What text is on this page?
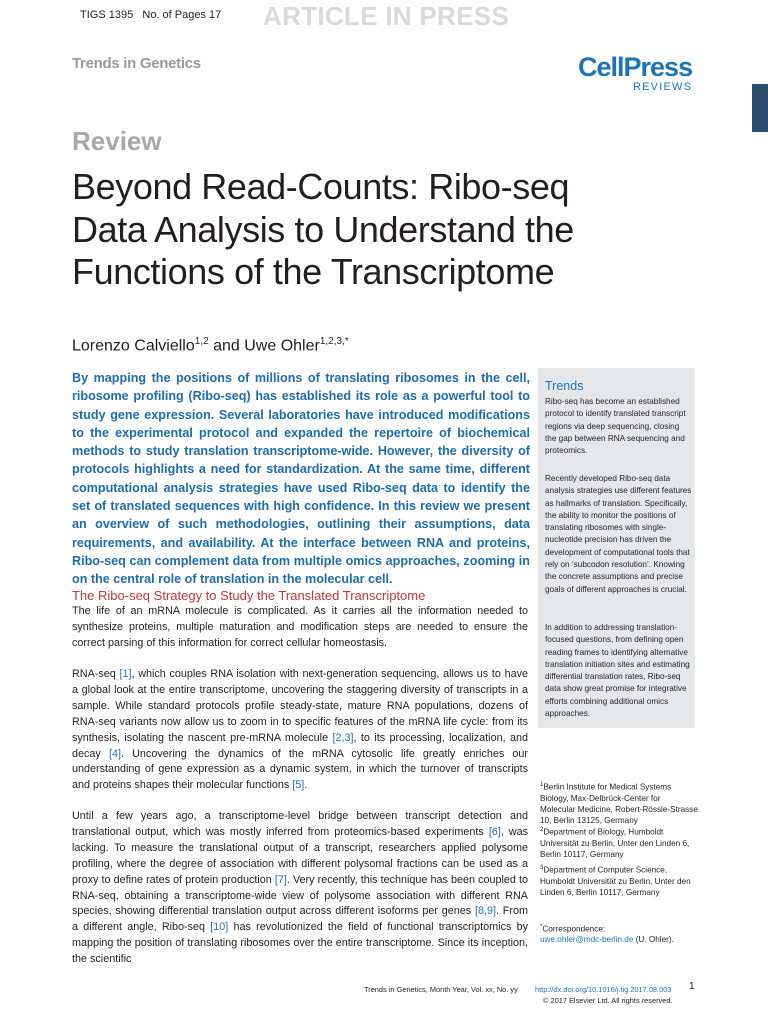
TIGS 1395 No. of Pages 17 ARTICLE IN PRESS
Trends in Genetics	CellPress
REVIEWS
Review
Beyond Read-Counts: Ribo-seq Data Analysis to Understand the Functions of the Transcriptome
Lorenzo Calviello$^{1,2}$ and Uwe Ohler$^{1,2,3,*}$
By mapping the positions of millions of translating ribosomes in the cell, ribosome profiling (Ribo-seq) has established its role as a powerful tool to study gene expression. Several laboratories have introduced modifications to the experimental protocol and expanded the repertoire of biochemical methods to study translation transcriptome-wide. However, the diversity of protocols highlights a need for standardization. At the same time, different computational analysis strategies have used Ribo-seq data to identify the set of translated sequences with high confidence. In this review we present an overview of such methodologies, outlining their assumptions, data requirements, and availability. At the interface between RNA and proteins, Ribo-seq can complement data from multiple omics approaches, zooming in on the central role of translation in the molecular cell.
The Ribo-seq Strategy to Study the Translated Transcriptome
The life of an mRNA molecule is complicated. As it carries all the information needed to synthesize proteins, multiple maturation and modification steps are needed to ensure the correct parsing of this information for correct cellular homeostasis.
RNA-seq [1], which couples RNA isolation with next-generation sequencing, allows us to have a global look at the entire transcriptome, uncovering the staggering diversity of transcripts in a sample. While standard protocols profile steady-state, mature RNA populations, dozens of RNA-seq variants now allow us to zoom in to specific features of the mRNA life cycle: from its synthesis, isolating the nascent pre-mRNA molecule [2,3], to its processing, localization, and decay [4]. Uncovering the dynamics of the mRNA cytosolic life greatly enriches our understanding of gene expression as a dynamic system, in which the turnover of transcripts and proteins shapes their molecular functions [5].
Until a few years ago, a transcriptome-level bridge between transcript detection and translational output, which was mostly inferred from proteomics-based experiments [6], was lacking. To measure the translational output of a transcript, researchers applied polysome profiling, where the degree of association with different polysomal fractions can be used as a proxy to define rates of protein production [7]. Very recently, this technique has been coupled to RNA-seq, obtaining a transcriptome-wide view of polysome association with different RNA species, showing differential translation output across different isoforms per genes [8,9]. From a different angle, Ribo-seq [10] has revolutionized the field of functional transcriptomics by mapping the position of translating ribosomes over the entire transcriptome. Since its inception, the scientific
Trends
Ribo-seq has become an established protocol to identify translated transcript regions via deep sequencing, closing the gap between RNA sequencing and proteomics.
Recently developed Ribo-seq data analysis strategies use different features as hallmarks of translation. Specifically, the ability to monitor the positions of translating ribosomes with single-nucleotide precision has driven the development of computational tools that rely on ‘subcodon resolution’. Knowing the concrete assumptions and precise goals of different approaches is crucial.
In addition to addressing translation-focused questions, from defining open reading frames to identifying alternative translation initiation sites and estimating differential translation rates, Ribo-seq data show great promise for integrative efforts combining additional omics approaches.
$^1$Berlin Institute for Medical Systems Biology, Max-Delbrück-Center for Molecular Medicine, Robert-Rössle-Strasse 10, Berlin 13125, Germany
$^2$Department of Biology, Humboldt Universität zu Berlin, Unter den Linden 6, Berlin 10117, Germany
$^3$Department of Computer Science, Humboldt Universität zu Berlin, Unter den Linden 6, Berlin 10117, Germany
*Correspondence:
uwe.ohler@mdc-berlin.de (U. Ohler).
Trends in Genetics, Month Year, Vol. xx, No. yy http://dx.doi.org/10.1016/j.tig.2017.08.003 1
© 2017 Elsevier Ltd. All rights reserved.
